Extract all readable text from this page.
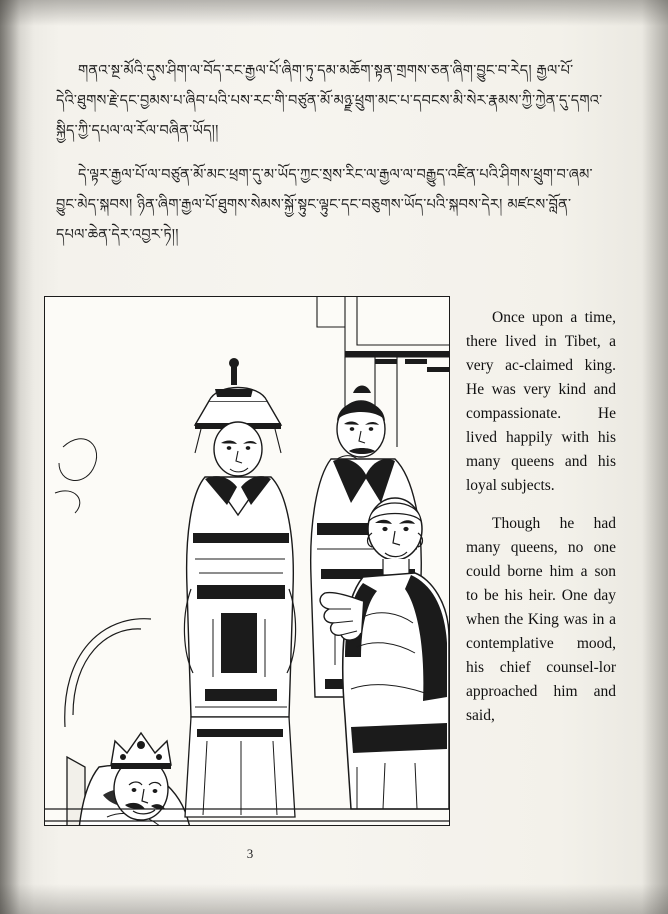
གནའ་སྔ་མོའི་དུས་ཤིག་ལ་བོད་རང་རྒྱལ་པོ་ཞིག་ཏུ་དམ་མཆོག་སྟན་གྲགས་ཅན་ཞིག་བྱུང་བ་རེད། རྒྱལ་པོ་
དེའི་ཐུགས་རྗེ་དང་བྱམས་པ་ཞིབ་པའི་པས་རང་གི་བཙུན་མོ་མཉྫ་ཕྲུག་མང་པ་དབངས་མི་སེར་རྣམས་ཀྱི་ཀྱེན་དུ་དགའ་
སྐྱིད་ཀྱི་དཔལ་ལ་རོལ་བཞིན་ཡོད།།
དེ་ལྟར་རྒྱལ་པོ་ལ་བཙུན་མོ་མང་ཕྲག་དུ་མ་ཡོད་ཀྱང་སྲས་རིང་ལ་རྒྱལ་ལ་བརྒྱུད་འཛིན་པའི་ཤིགས་ཕྲུག་བ་ཞམ་
བྱུང་མེད་སྐབས། ཉིན་ཞིག་རྒྱལ་པོ་ཐུགས་སེམས་སྐྱོ་སྟུང་ལྟུང་དང་བཅུགས་ཡོད་པའི་སྐབས་དེར། མཛངས་བློན་
དཔལ་ཆེན་དེར་འབྱར་ཏེ།།

Once upon a time, there lived in Tibet, a very ac-claimed king. He was very kind and compassionate. He lived happily with his many queens and his loyal subjects.

Though he had many queens, no one could borne him a son to be his heir. One day when the King was in a contemplative mood, his chief counsel-lor approached him and said,

3
